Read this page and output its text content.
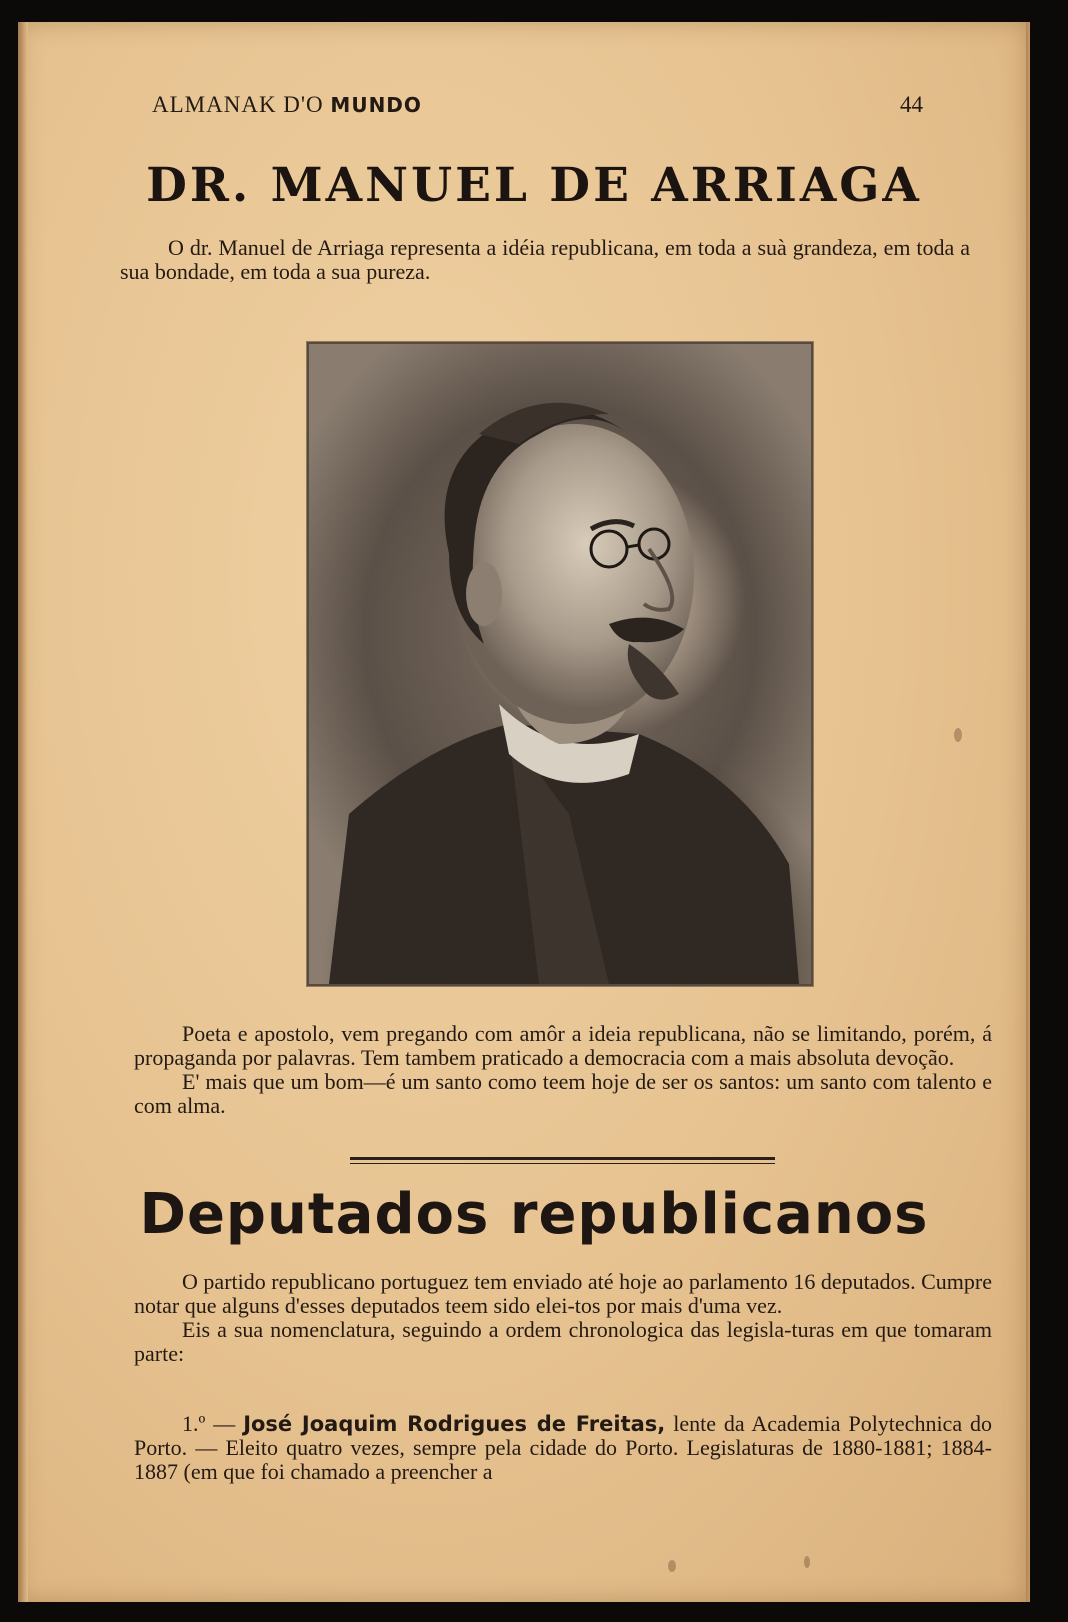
ALMANAK D'O MUNDO	44
DR. MANUEL DE ARRIAGA
O dr. Manuel de Arriaga representa a idéia republicana, em toda a suà grandeza, em toda a sua bondade, em toda a sua pureza.
Poeta e apostolo, vem pregando com amôr a ideia republicana, não se limitando, porém, á propaganda por palavras. Tem tambem praticado a democracia com a mais absoluta devoção.
E' mais que um bom—é um santo como teem hoje de ser os santos: um santo com talento e com alma.
Deputados republicanos
O partido republicano portuguez tem enviado até hoje ao parlamento 16 deputados. Cumpre notar que alguns d'esses deputados teem sido elei-tos por mais d'uma vez.
Eis a sua nomenclatura, seguindo a ordem chronologica das legisla-turas em que tomaram parte:
1.º — José Joaquim Rodrigues de Freitas, lente da Academia Polytechnica do Porto. — Eleito quatro vezes, sempre pela cidade do Porto. Legislaturas de 1880-1881; 1884-1887 (em que foi chamado a preencher a
